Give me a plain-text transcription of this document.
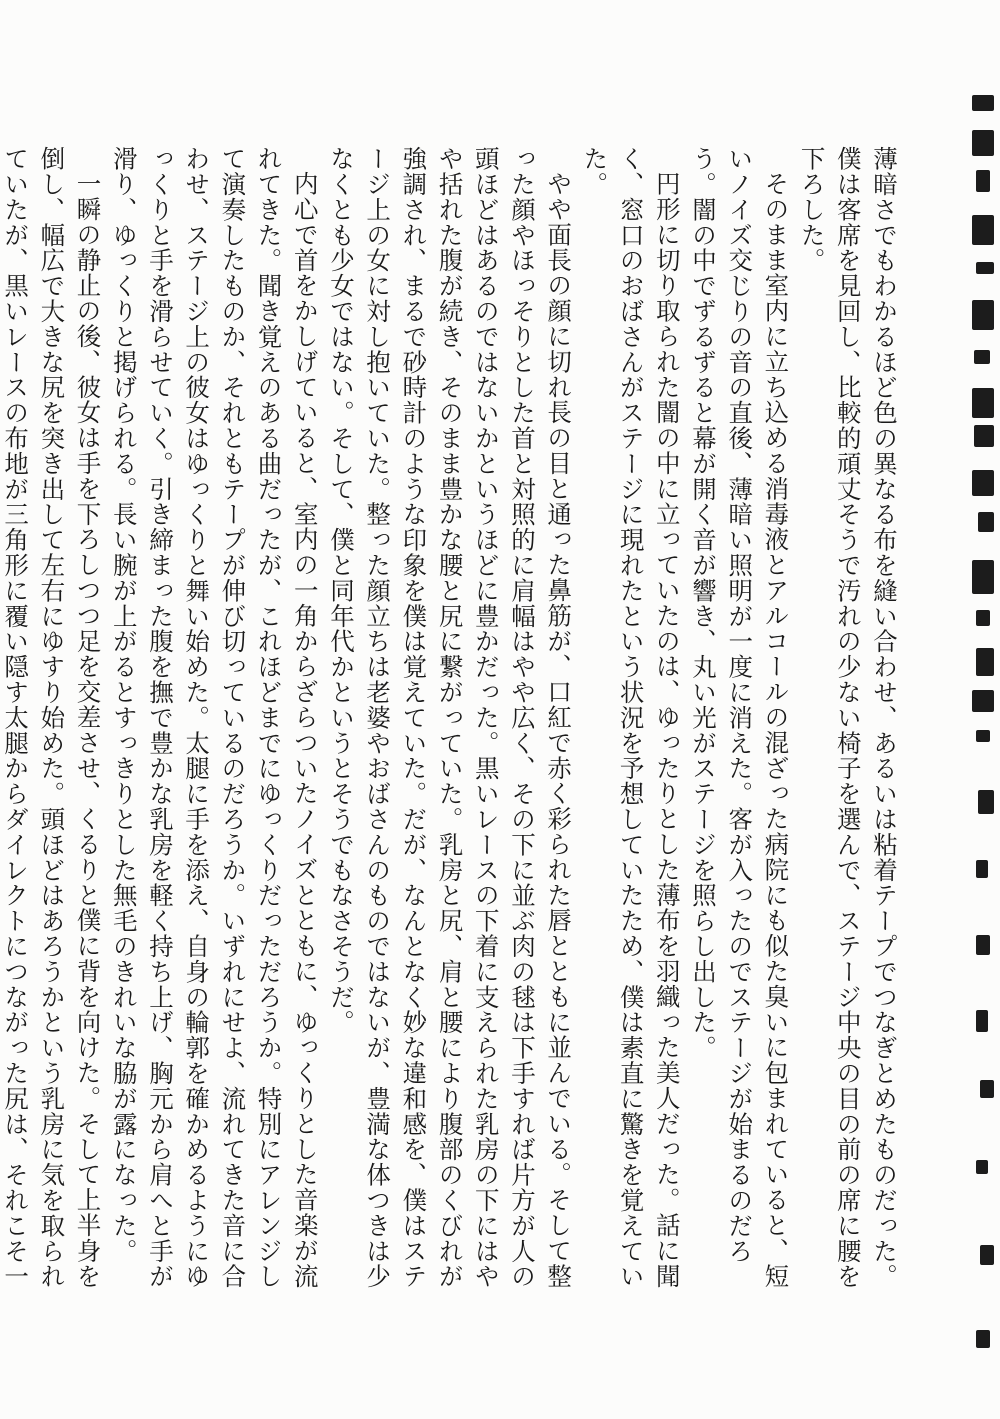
薄暗さでもわかるほど色の異なる布を縫い合わせ、あるいは粘着テープでつなぎとめたものだった。僕は客席を見回し、比較的頑丈そうで汚れの少ない椅子を選んで、ステージ中央の目の前の席に腰を下ろした。

そのまま室内に立ち込める消毒液とアルコールの混ざった病院にも似た臭いに包まれていると、短いノイズ交じりの音の直後、薄暗い照明が一度に消えた。客が入ったのでステージが始まるのだろう。闇の中でずるずると幕が開く音が響き、丸い光がステージを照らし出した。

円形に切り取られた闇の中に立っていたのは、ゆったりとした薄布を羽織った美人だった。話に聞く、窓口のおばさんがステージに現れたという状況を予想していたため、僕は素直に驚きを覚えていた。

やや面長の顔に切れ長の目と通った鼻筋が、口紅で赤く彩られた唇とともに並んでいる。そして整った顔やほっそりとした首と対照的に肩幅はやや広く、その下に並ぶ肉の毬は下手すれば片方が人の頭ほどはあるのではないかというほどに豊かだった。黒いレースの下着に支えられた乳房の下にはやや括れた腹が続き、そのまま豊かな腰と尻に繋がっていた。乳房と尻、肩と腰により腹部のくびれが強調され、まるで砂時計のような印象を僕は覚えていた。だが、なんとなく妙な違和感を、僕はステージ上の女に対し抱いていた。整った顔立ちは老婆やおばさんのものではないが、豊満な体つきは少なくとも少女ではない。そして、僕と同年代かというとそうでもなさそうだ。

内心で首をかしげていると、室内の一角からざらついたノイズとともに、ゆっくりとした音楽が流れてきた。聞き覚えのある曲だったが、これほどまでにゆっくりだっただろうか。特別にアレンジして演奏したものか、それともテープが伸び切っているのだろうか。いずれにせよ、流れてきた音に合わせ、ステージ上の彼女はゆっくりと舞い始めた。太腿に手を添え、自身の輪郭を確かめるようにゆっくりと手を滑らせていく。引き締まった腹を撫で豊かな乳房を軽く持ち上げ、胸元から肩へと手が滑り、ゆっくりと掲げられる。長い腕が上がるとすっきりとした無毛のきれいな脇が露になった。

一瞬の静止の後、彼女は手を下ろしつつ足を交差させ、くるりと僕に背を向けた。そして上半身を倒し、幅広で大きな尻を突き出して左右にゆすり始めた。頭ほどはあろうかという乳房に気を取られていたが、黒いレースの布地が三角形に覆い隠す太腿からダイレクトにつながった尻は、それこそ一
